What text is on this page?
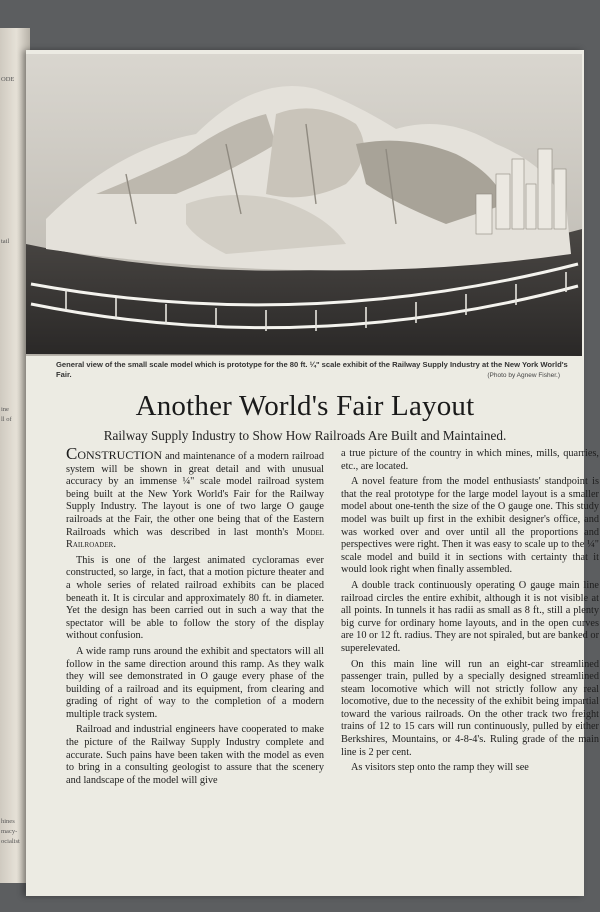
ODE
tail
ine
ll of
hines
macy-
ocialist
General view of the small scale model which is prototype for the 80 ft. ¼" scale exhibit of the Railway Supply Industry at the New York World's Fair.	(Photo by Agnew Fisher.)
Another World's Fair Layout
Railway Supply Industry to Show How Railroads Are Built and Maintained.

Construction and maintenance of a modern railroad system will be shown in great detail and with unusual accuracy by an immense ¼" scale model railroad system being built at the New York World's Fair for the Railway Supply Industry. The layout is one of two large O gauge railroads at the Fair, the other one being that of the Eastern Railroads which was described in last month's Model Railroader.

This is one of the largest animated cycloramas ever constructed, so large, in fact, that a motion picture theater and a whole series of related railroad exhibits can be placed beneath it. It is circular and approximately 80 ft. in diameter. Yet the design has been carried out in such a way that the spectator will be able to follow the story of the display without confusion.

A wide ramp runs around the exhibit and spectators will all follow in the same direction around this ramp. As they walk they will see demonstrated in O gauge every phase of the building of a railroad and its equipment, from clearing and grading of right of way to the completion of a modern multiple track system.

Railroad and industrial engineers have cooperated to make the picture of the Railway Supply Industry complete and accurate. Such pains have been taken with the model as even to bring in a consulting geologist to assure that the scenery and landscape of the model will give

a true picture of the country in which mines, mills, quarries, etc., are located.

A novel feature from the model enthusiasts' standpoint is that the real prototype for the large model layout is a smaller model about one-tenth the size of the O gauge one. This study model was built up first in the exhibit designer's office, and was worked over and over until all the proportions and perspectives were right. Then it was easy to scale up to the ¼" scale model and build it in sections with certainty that it would look right when finally assembled.

A double track continuously operating O gauge main line railroad circles the entire exhibit, although it is not visible at all points. In tunnels it has radii as small as 8 ft., still a plenty big curve for ordinary home layouts, and in the open curves are 10 or 12 ft. radius. They are not spiraled, but are banked or superelevated.

On this main line will run an eight-car streamlined passenger train, pulled by a specially designed streamlined steam locomotive which will not strictly follow any real locomotive, due to the necessity of the exhibit being impartial toward the various railroads. On the other track two freight trains of 12 to 15 cars will run continuously, pulled by either Berkshires, Mountains, or 4-8-4's. Ruling grade of the main line is 2 per cent.

As visitors step onto the ramp they will see
